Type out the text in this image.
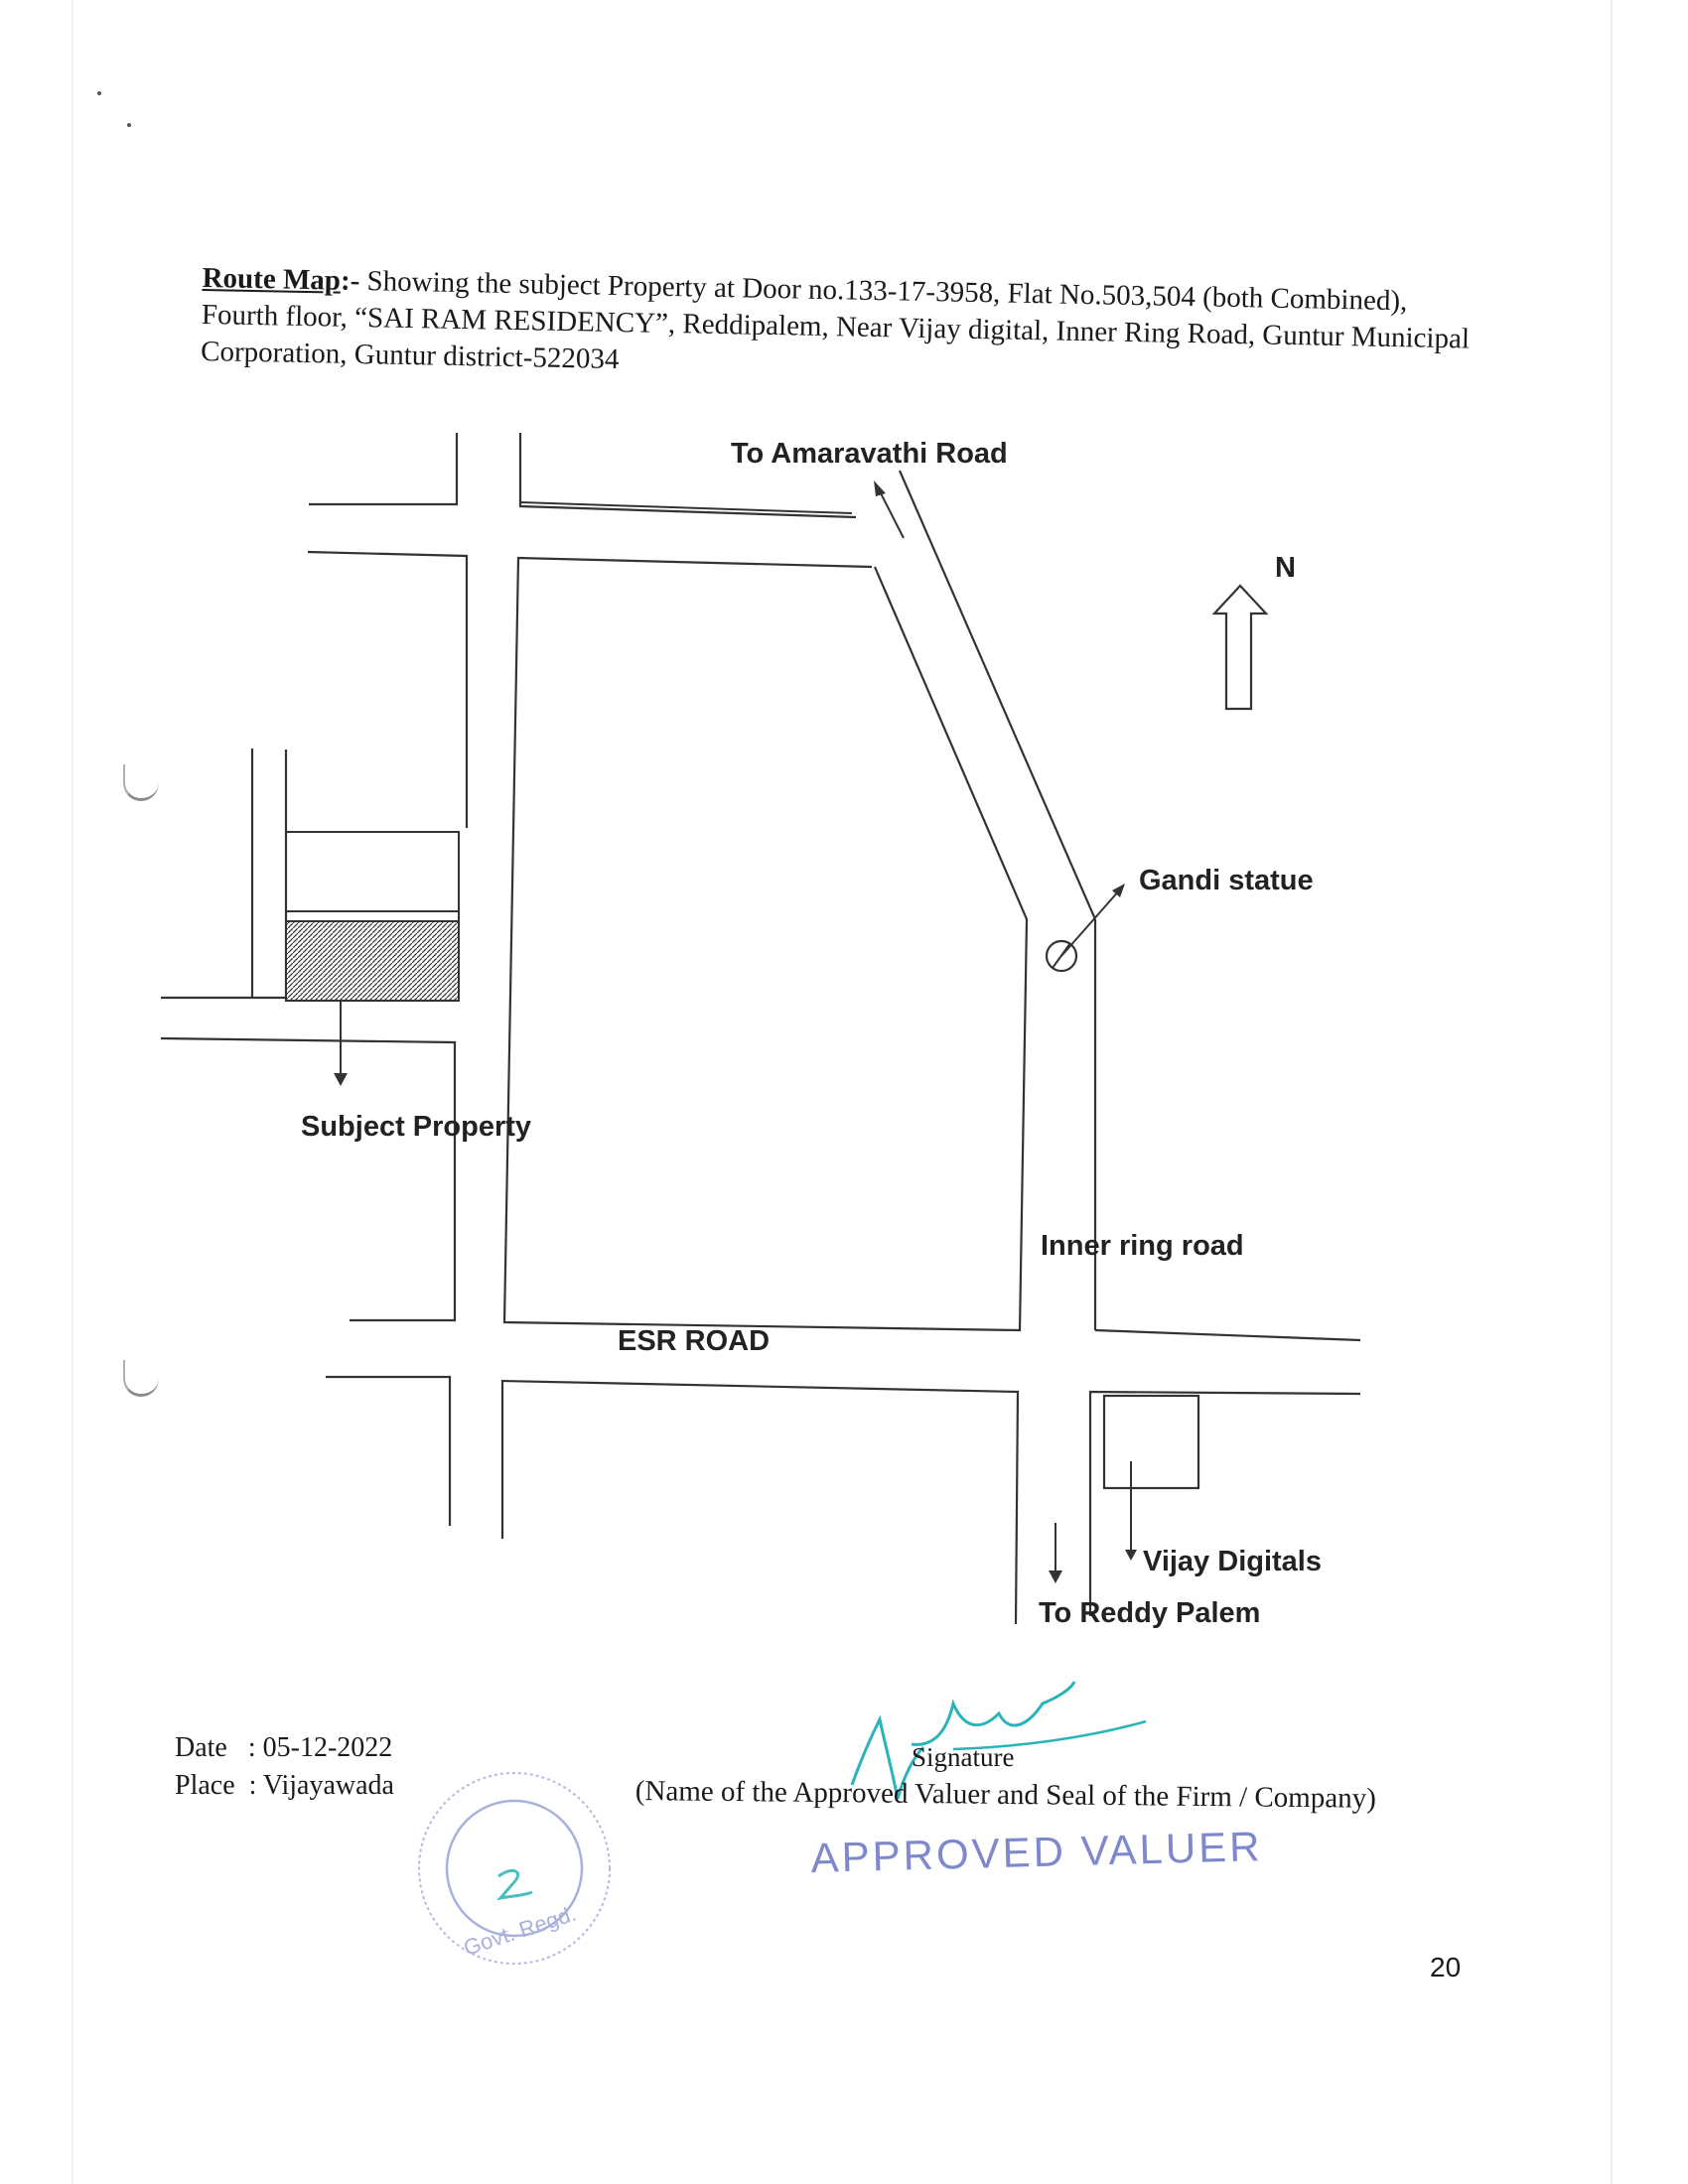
Route Map:- Showing the subject Property at Door no.133-17-3958, Flat No.503,504 (both Combined), Fourth floor, “SAI RAM RESIDENCY”, Reddipalem, Near Vijay digital, Inner Ring Road, Guntur Municipal Corporation, Guntur district-522034
To Amaravathi Road
N
Gandi statue
Subject Property
Inner ring road
ESR ROAD
Vijay Digitals
To Reddy Palem
Govt. Regd.
Date : 05-12-2022
Place : Vijayawada
Signature
(Name of the Approved Valuer and Seal of the Firm / Company)
APPROVED VALUER
20
